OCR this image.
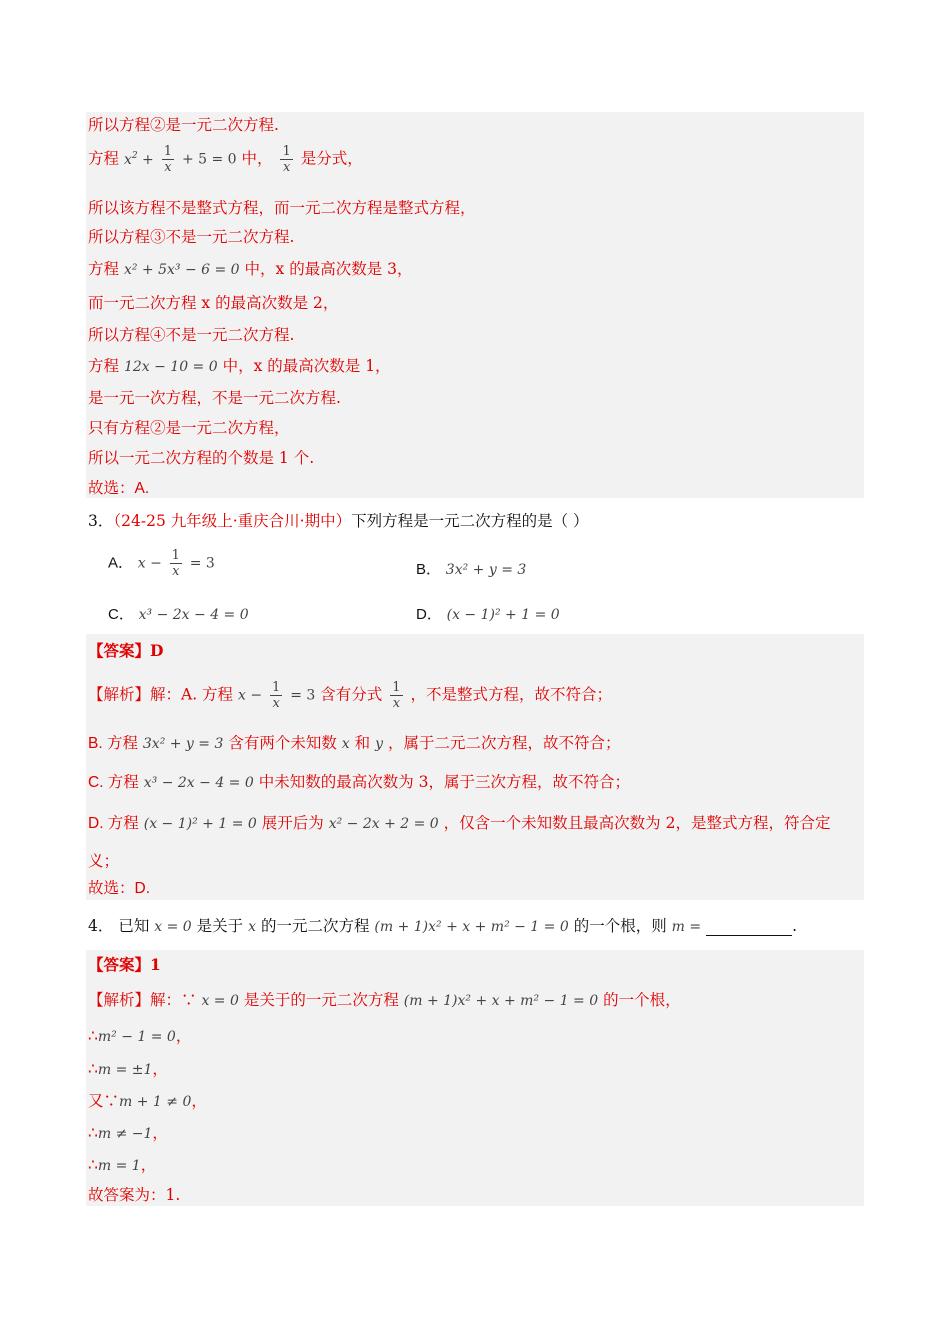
所以方程②是一元二次方程.
方程 $x^2 + \frac{1}{x} + 5 = 0$ 中， $\frac{1}{x}$ 是分式，
所以该方程不是整式方程，而一元二次方程是整式方程，
所以方程③不是一元二次方程.
方程 x² + 5x³ − 6 = 0 中，x 的最高次数是 3，
而一元二次方程 x 的最高次数是 2，
所以方程④不是一元二次方程.
方程 12x − 10 = 0 中，x 的最高次数是 1，
是一元一次方程，不是一元二次方程.
只有方程②是一元二次方程，
所以一元二次方程的个数是 1 个.
故选：A.
3．（24-25 九年级上·重庆合川·期中）下列方程是一元二次方程的是（ ）
A． $x - \frac{1}{x} = 3$	B． 3x² + y = 3
C． x³ − 2x − 4 = 0	D． (x − 1)² + 1 = 0
【答案】D
【解析】解：A. 方程 $x - \frac{1}{x} = 3$ 含有分式 $\frac{1}{x}$ ，不是整式方程，故不符合；
B. 方程 3x² + y = 3 含有两个未知数 x 和 y ，属于二元二次方程，故不符合；
C. 方程 x³ − 2x − 4 = 0 中未知数的最高次数为 3，属于三次方程，故不符合；
D. 方程 (x − 1)² + 1 = 0 展开后为 x² − 2x + 2 = 0 ，仅含一个未知数且最高次数为 2，是整式方程，符合定
义；
故选：D.
4． 已知 x = 0 是关于 x 的一元二次方程 (m + 1)x² + x + m² − 1 = 0 的一个根，则 m =	.
【答案】1
【解析】解：∵ x = 0 是关于的一元二次方程 (m + 1)x² + x + m² − 1 = 0 的一个根，
∴m² − 1 = 0，
∴m = ±1，
又∵m + 1 ≠ 0，
∴m ≠ −1，
∴m = 1，
故答案为：1.
